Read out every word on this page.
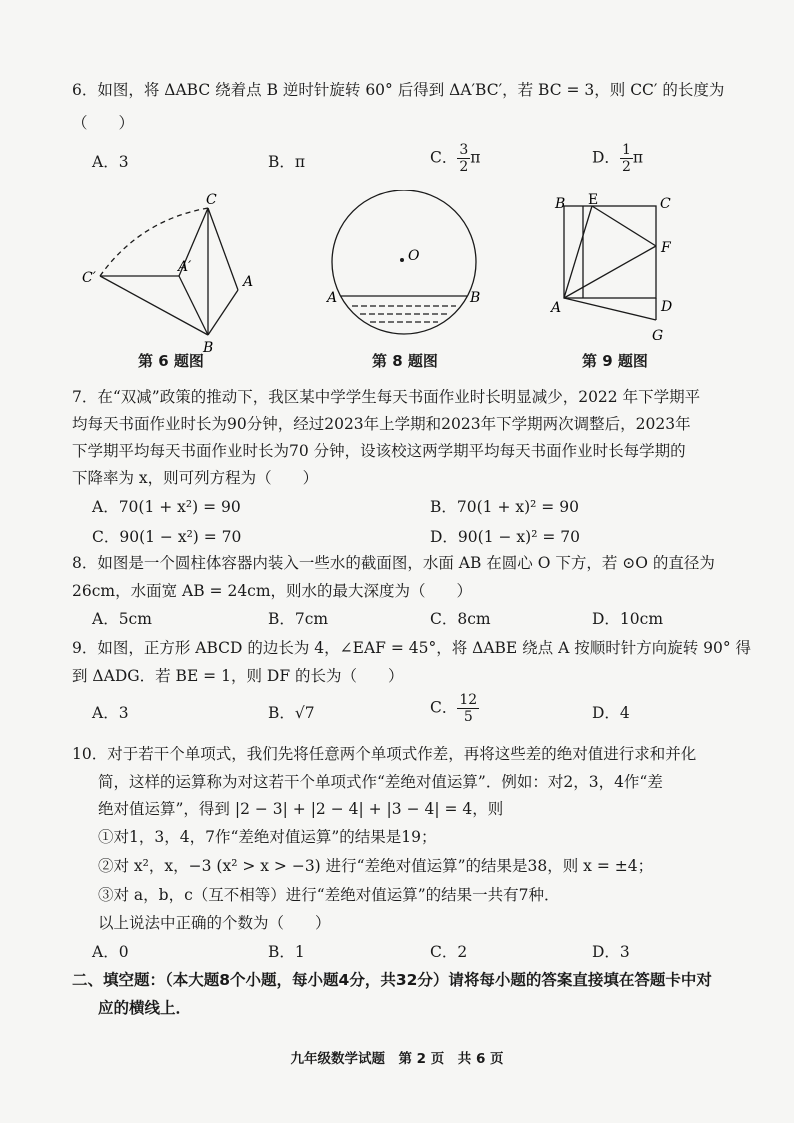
6．如图，将 ΔABC 绕着点 B 逆时针旋转 60° 后得到 ΔA′BC′，若 BC = 3，则 CC′ 的长度为
（　　）
A．3	B．π	C． $\frac{3}{2}$ π	D． $\frac{1}{2}$ π
C
C′
A′
A
B
O
A	B
B E	C
F
A	D
G
第 6 题图	第 8 题图	第 9 题图
7．在“双减”政策的推动下，我区某中学学生每天书面作业时长明显减少，2022 年下学期平
均每天书面作业时长为90分钟，经过2023年上学期和2023年下学期两次调整后，2023年
下学期平均每天书面作业时长为70 分钟，设该校这两学期平均每天书面作业时长每学期的
下降率为 x，则可列方程为（　　）
A．70(1 + x²) = 90	B．70(1 + x)² = 90
C．90(1 − x²) = 70	D．90(1 − x)² = 70
8．如图是一个圆柱体容器内装入一些水的截面图，水面 AB 在圆心 O 下方，若 ⊙O 的直径为
26cm，水面宽 AB = 24cm，则水的最大深度为（　　）
A．5cm	B．7cm	C．8cm	D．10cm
9．如图，正方形 ABCD 的边长为 4，∠EAF = 45°，将 ΔABE 绕点 A 按顺时针方向旋转 90° 得
到 ΔADG．若 BE = 1，则 DF 的长为（　　）
A．3	B．√7	C． $\frac{12}{5}$	D．4
10．对于若干个单项式，我们先将任意两个单项式作差，再将这些差的绝对值进行求和并化
简，这样的运算称为对这若干个单项式作“差绝对值运算”．例如：对2，3，4作“差
绝对值运算”，得到 |2 − 3| + |2 − 4| + |3 − 4| = 4，则
①对1，3，4，7作“差绝对值运算”的结果是19；
②对 x²，x，−3 (x² > x > −3) 进行“差绝对值运算”的结果是38，则 x = ±4；
③对 a，b，c（互不相等）进行“差绝对值运算”的结果一共有7种．
以上说法中正确的个数为（　　）
A．0	B．1	C．2	D．3
二、填空题：（本大题8个小题，每小题4分，共32分）请将每小题的答案直接填在答题卡中对
应的横线上．
九年级数学试题　第 2 页　共 6 页
